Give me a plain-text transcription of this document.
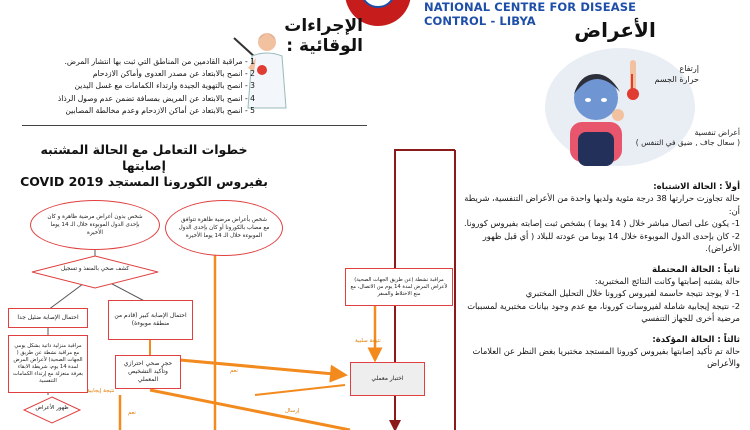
NATIONAL CENTRE FOR DISEASE CONTROL - LIBYA	الأعراض
إرتفاع
حرارة الجسم
أعراض تنفسية
( سعال جاف , ضيق في التنفس )
أولاً : الحالة الاشتباه:
حالة تجاوزت حرارتها 38 درجة مئوية ولديها واحدة من الأعراض التنفسية، شريطة أن:
1- يكون على اتصال مباشر خلال ( 14 يوما ) بشخص ثبت إصابته بفيروس كورونا.
2- كان بإحدى الدول الموبوءة خلال 14 يوما من عودته للبلاد ( أي قبل ظهور الأعراض).
ثانياً : الحالة المحتملة
حالة يشتبه إصابتها وكانت النتائج المختبرية:
1- لا يوجد نتيجة حاسمة لفيروس كورونا خلال التحليل المختبري
2- نتيجة إيجابية شاملة لفيروسات كورونا، مع عدم وجود بيانات مختبرية لمسببات مرضية أخرى للجهاز التنفسي
ثالثاً : الحالة المؤكدة:
حالة تم تأكيد إصابتها بفيروس كورونا المستجد مختبريا بغض النظر عن العلامات والأعراض
الإجراءات الوقائية :
1 - مراقبة القادمين من المناطق التي ثبت بها انتشار المرض.
2 - انصح بالابتعاد عن مصدر العدوى وأماكن الازدحام
3 - انصح بالتهوية الجيدة وارتداء الكمامات مع غسل اليدين
4 - انصح بالابتعاد عن المريض بمسافة تضمن عدم وصول الرذاذ
5 - انصح بالابتعاد عن أماكن الازدحام وعدم مخالطة المصابين
خطوات التعامل مع الحالة المشتبه إصابتها
بفيروس الكورونا المستجد COVID 2019
شخص بدون أعراض مرضية ظاهرة و كان بإحدى الدول الموبوءة خلال الـ 14 يوما الأخيرة
شخص بأعراض مرضية ظاهرة تتوافق مع مصاب بالكورونا أو كان بإحدى الدول الموبوءة خلال الـ 14 يوما الأخيرة
كشف صحي بالمنفذ و تسجيل
احتمال الإصابة ضئيل جدا	احتمال الإصابة كبير (قادم من منطقة موبوءة)
مراقبة منزلية ذاتية بشكل يومي مع مراقبة نشطة عن طريق ( الجهات الصحية) لأعراض المرض لمدة 14 يوم، شريطة الابقاء بغرفة منعزلة مع إرتداء الكمامات التنفسية
حجر صحي احترازي وتأكيد التشخيص المعملي
مراقبة نشطة (عن طريق الجهات الصحية) لأعراض المرض لمدة 14 يوم من الاتصال، مع منع الاختلاط والسفر
اختبار معملي
ظهور الأعراض
نتيجة سلبية
نتيجة إيجابية
نعم
نعم
إرسال
